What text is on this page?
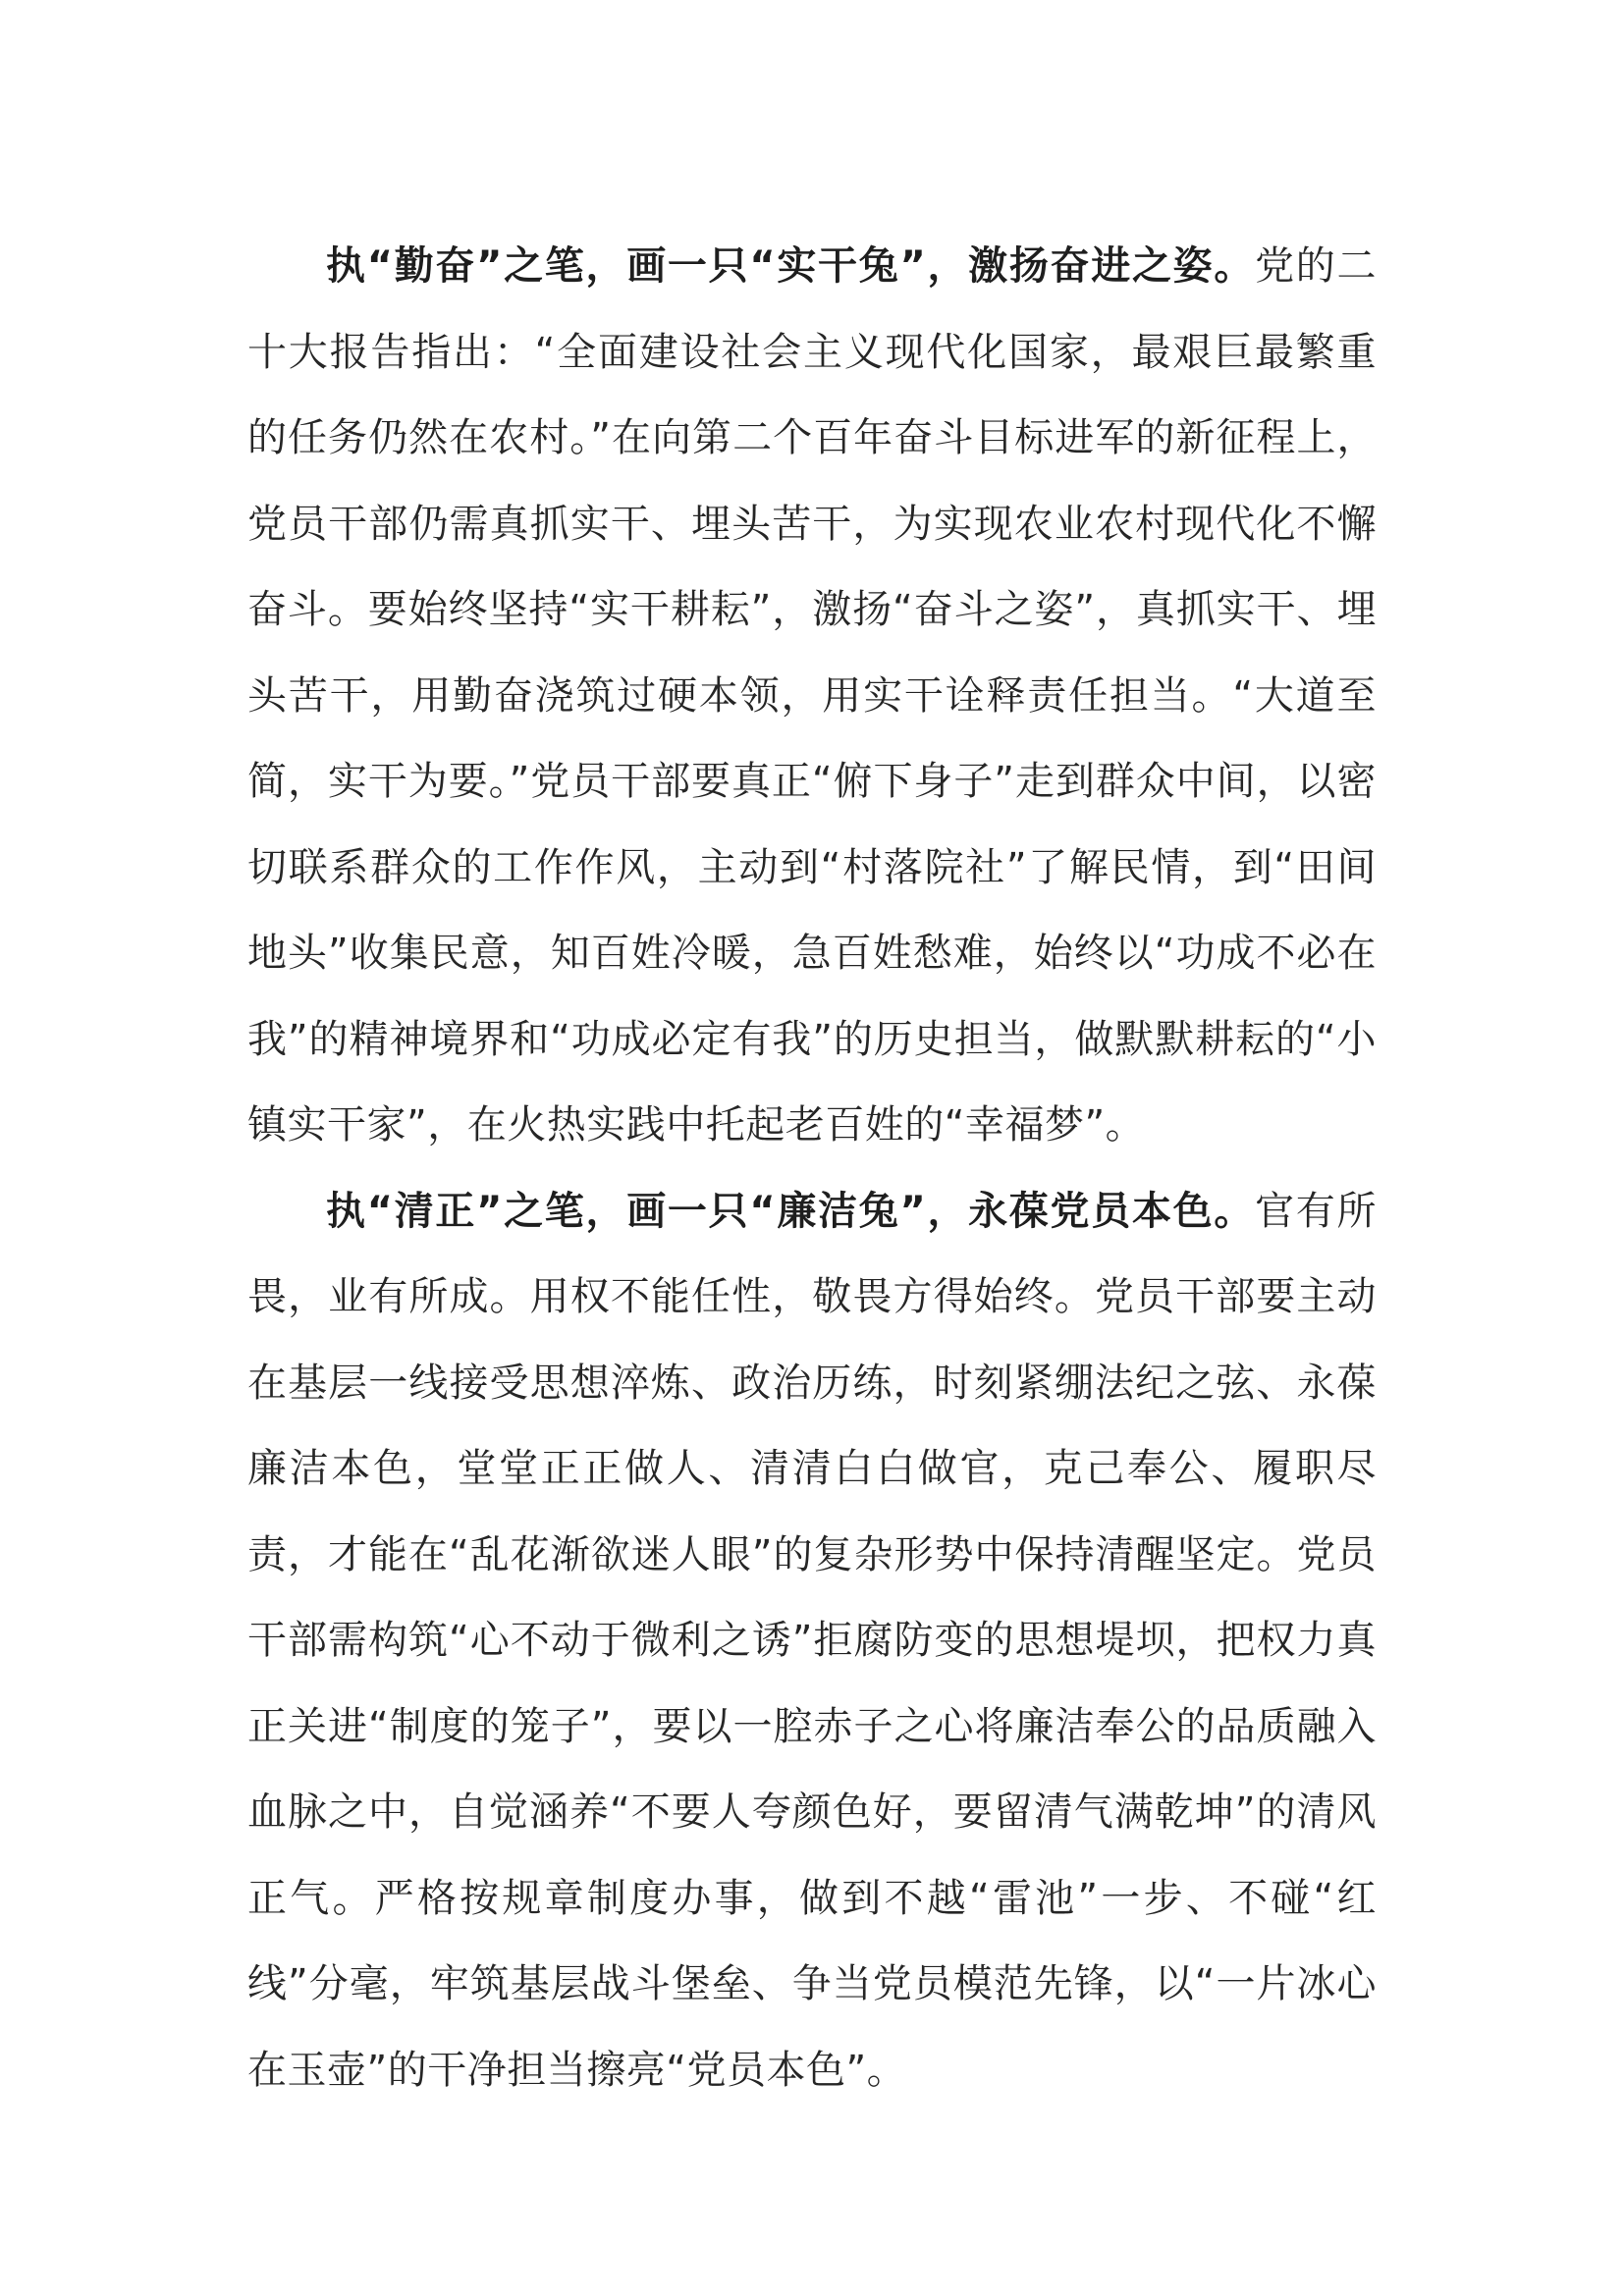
执“勤奋”之笔，画一只“实干兔”，激扬奋进之姿。党的二十大报告指出：“全面建设社会主义现代化国家，最艰巨最繁重的任务仍然在农村。”在向第二个百年奋斗目标进军的新征程上，党员干部仍需真抓实干、埋头苦干，为实现农业农村现代化不懈奋斗。要始终坚持“实干耕耘”，激扬“奋斗之姿”，真抓实干、埋头苦干，用勤奋浇筑过硬本领，用实干诠释责任担当。“大道至简，实干为要。”党员干部要真正“俯下身子”走到群众中间，以密切联系群众的工作作风，主动到“村落院社”了解民情，到“田间地头”收集民意，知百姓冷暖，急百姓愁难，始终以“功成不必在我”的精神境界和“功成必定有我”的历史担当，做默默耕耘的“小镇实干家”，在火热实践中托起老百姓的“幸福梦”。

执“清正”之笔，画一只“廉洁兔”，永葆党员本色。官有所畏，业有所成。用权不能任性，敬畏方得始终。党员干部要主动在基层一线接受思想淬炼、政治历练，时刻紧绷法纪之弦、永葆廉洁本色，堂堂正正做人、清清白白做官，克己奉公、履职尽责，才能在“乱花渐欲迷人眼”的复杂形势中保持清醒坚定。党员干部需构筑“心不动于微利之诱”拒腐防变的思想堤坝，把权力真正关进“制度的笼子”，要以一腔赤子之心将廉洁奉公的品质融入血脉之中，自觉涵养“不要人夸颜色好，要留清气满乾坤”的清风正气。严格按规章制度办事，做到不越“雷池”一步、不碰“红线”分毫，牢筑基层战斗堡垒、争当党员模范先锋，以“一片冰心在玉壶”的干净担当擦亮“党员本色”。
